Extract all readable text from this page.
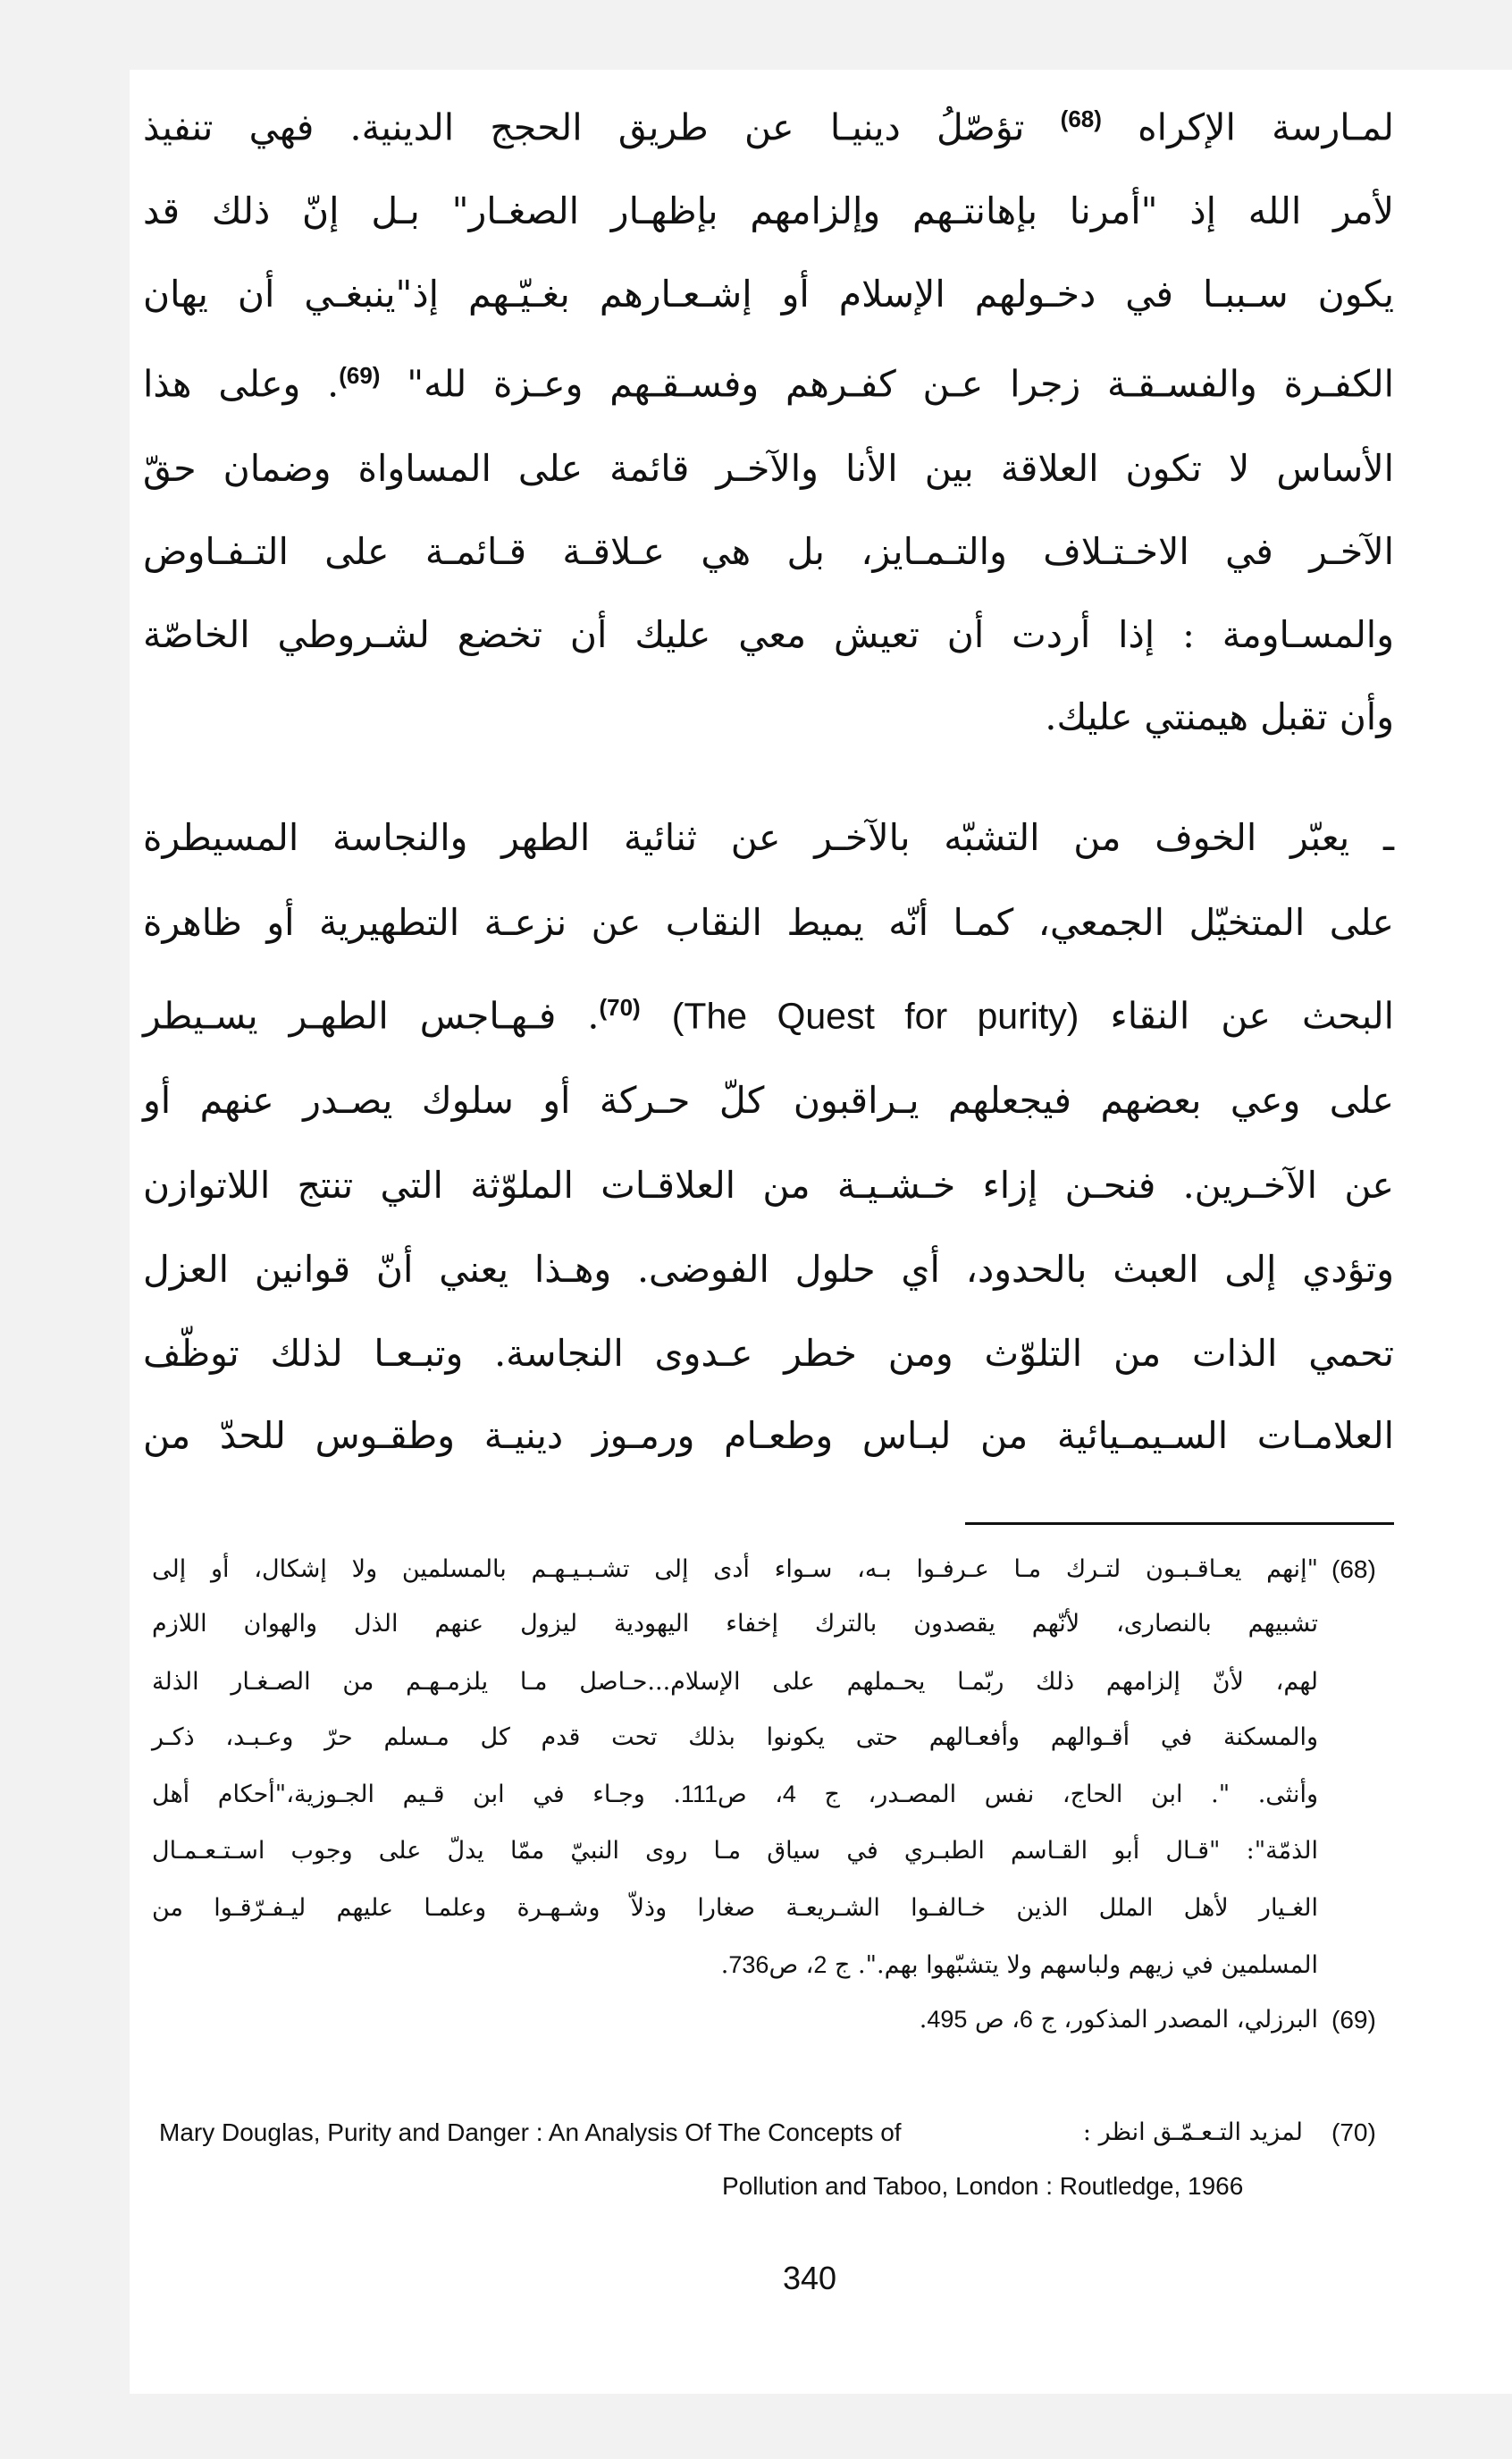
لمـارسة الإكراه $^{(68)}$ تؤصّلُ دينيـا عن طريق الحجج الدينية. فهي تنفيذ
لأمر الله إذ "أمرنا بإهانتـهم وإلزامهم بإظهـار الصغـار" بـل إنّ ذلك قد
يكون سـببـا في دخـولهم الإسلام أو إشـعـارهم بغـيّـهم إذ"ينبغـي أن يهان
الكفـرة والفسـقـة زجرا عـن كفـرهم وفسـقـهم وعـزة لله" $^{(69)}$. وعلى هذا
الأساس لا تكون العلاقة بين الأنا والآخـر قائمة على المساواة وضمان حقّ
الآخـر في الاخـتـلاف والتـمـايز، بل هي عـلاقـة قـائمـة على التـفـاوض
والمسـاومة : إذا أردت أن تعيش معي عليك أن تخضع لشـروطي الخاصّة
وأن تقبل هيمنتي عليك.
ـ يعبّر الخوف من التشبّه بالآخـر عن ثنائية الطهر والنجاسة المسيطرة
على المتخيّل الجمعي، كمـا أنّه يميط النقاب عن نزعـة التطهيرية أو ظاهرة
البحث عن النقاء (The Quest for purity) $^{(70)}$. فـهـاجس الطهـر يسـيطر
على وعي بعضهم فيجعلهم يـراقبون كلّ حـركة أو سلوك يصـدر عنهم أو
عن الآخـرين. فنحـن إزاء خـشـيـة من العلاقـات الملوّثة التي تنتج اللاتوازن
وتؤدي إلى العبث بالحدود، أي حلول الفوضى. وهـذا يعني أنّ قوانين العزل
تحمي الذات من التلوّث ومن خطر عـدوى النجاسة. وتبـعـا لذلك توظّف
العلامـات السـيمـيائية من لبـاس وطعـام ورمـوز دينيـة وطقـوس للحدّ من
(68)
"إنهم يعـاقـبـون لتـرك مـا عـرفـوا بـه، سـواء أدى إلى تشـبـيـهـم بالمسلمين ولا إشكال، أو إلى
تشبيهم بالنصارى، لأنّهم يقصدون بالترك إخفاء اليهودية ليزول عنهم الذل والهوان اللازم
لهم، لأنّ إلزامهم ذلك ربّمـا يحـملهم على الإسلام...حـاصل مـا يلزمـهـم من الصـغـار الذلة
والمسكنة في أقـوالهم وأفعـالهم حتى يكونوا بذلك تحت قدم كل مـسلم حرّ وعـبـد، ذكـر
وأنثى. ". ابن الحاج، نفس المصـدر، ج 4، ص111. وجـاء في ابن قـيم الجـوزية،"أحكام أهل
الذمّة": "قـال أبو القـاسم الطبـري في سياق مـا روى النبيّ ممّا يدلّ على وجوب اسـتـعـمـال
الغـيار لأهل الملل الذين خـالفـوا الشـريعـة صغارا وذلاّ وشـهـرة وعلمـا عليهم ليـفـرّقـوا من
المسلمين في زيهم ولباسهم ولا يتشبّهوا بهم.". ج 2، ص736.
(69)
البرزلي، المصدر المذكور، ج 6، ص 495.
(70)
Mary Douglas, Purity and Danger : An Analysis Of The Concepts of	لمزيد التـعـمّـق انظر :
Pollution and Taboo, London : Routledge, 1966
340
